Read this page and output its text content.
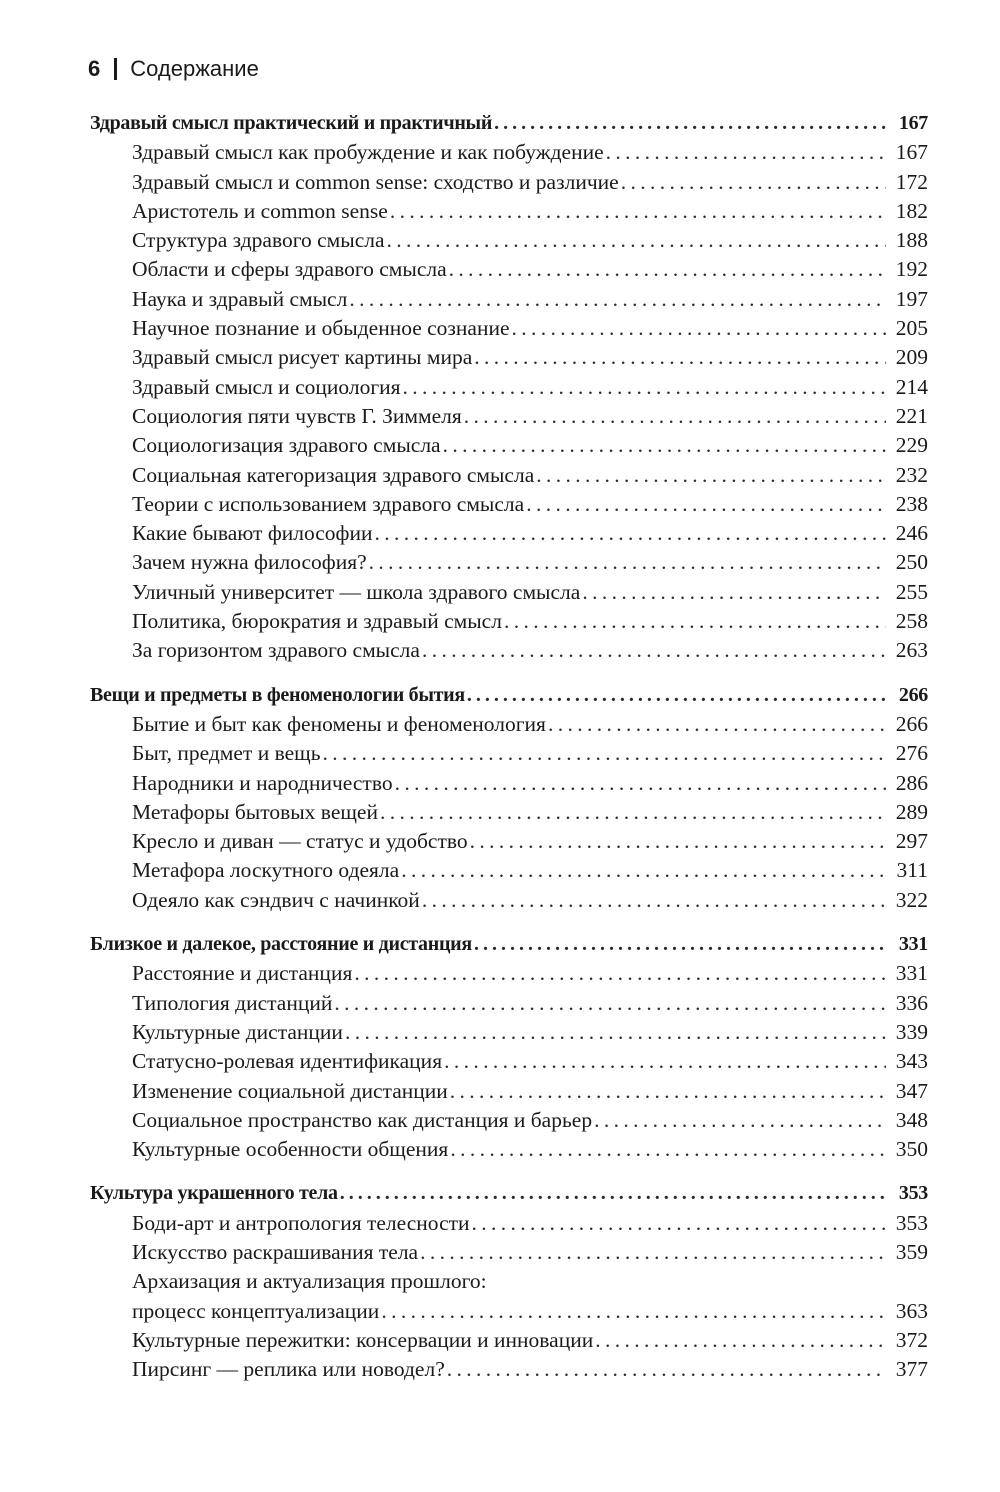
6 Содержание
Здравый смысл практический и практичный . . .	167
Здравый смысл как пробуждение и как побуждение . . .	167
Здравый смысл и common sense: сходство и различие . . .	172
Аристотель и common sense . . .	182
Структура здравого смысла . . .	188
Области и сферы здравого смысла . . .	192
Наука и здравый смысл . . .	197
Научное познание и обыденное сознание . . .	205
Здравый смысл рисует картины мира . . .	209
Здравый смысл и социология . . .	214
Социология пяти чувств Г. Зиммеля . . .	221
Социологизация здравого смысла . . .	229
Социальная категоризация здравого смысла . . .	232
Теории с использованием здравого смысла . . .	238
Какие бывают философии . . .	246
Зачем нужна философия? . . .	250
Уличный университет — школа здравого смысла . . .	255
Политика, бюрократия и здравый смысл . . .	258
За горизонтом здравого смысла . . .	263
Вещи и предметы в феноменологии бытия . . .	266
Бытие и быт как феномены и феноменология . . .	266
Быт, предмет и вещь . . .	276
Народники и народничество . . .	286
Метафоры бытовых вещей . . .	289
Кресло и диван — статус и удобство . . .	297
Метафора лоскутного одеяла . . .	311
Одеяло как сэндвич с начинкой . . .	322
Близкое и далекое, расстояние и дистанция . . .	331
Расстояние и дистанция . . .	331
Типология дистанций . . .	336
Культурные дистанции . . .	339
Статусно-ролевая идентификация . . .	343
Изменение социальной дистанции . . .	347
Социальное пространство как дистанция и барьер . . .	348
Культурные особенности общения . . .	350
Культура украшенного тела . . .	353
Боди-арт и антропология телесности . . .	353
Искусство раскрашивания тела . . .	359
Архаизация и актуализация прошлого:
процесс концептуализации . . .	363
Культурные пережитки: консервации и инновации . . .	372
Пирсинг — реплика или новодел? . . .	377
